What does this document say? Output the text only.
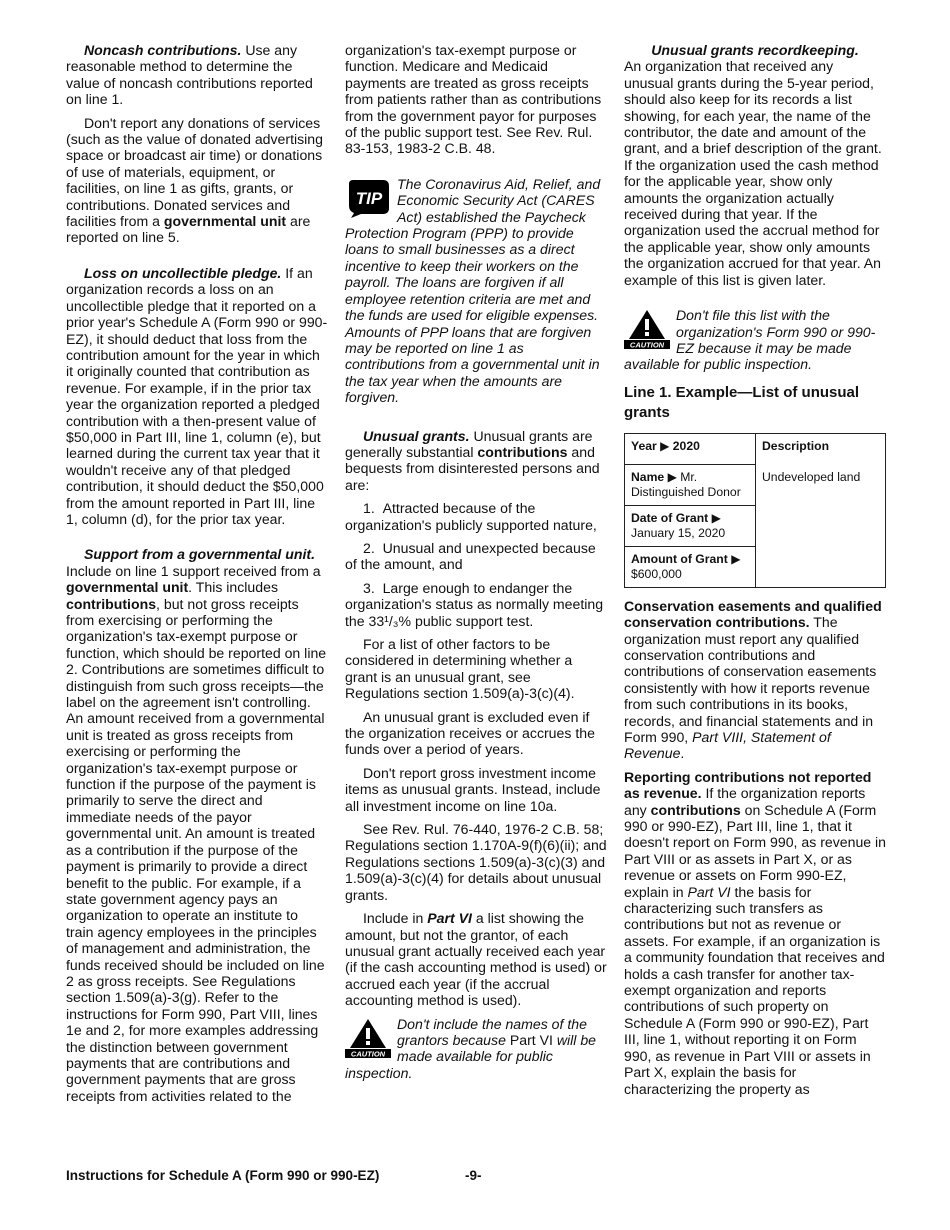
Noncash contributions. Use any reasonable method to determine the value of noncash contributions reported on line 1.

Don't report any donations of services (such as the value of donated advertising space or broadcast air time) or donations of use of materials, equipment, or facilities, on line 1 as gifts, grants, or contributions. Donated services and facilities from a governmental unit are reported on line 5.

Loss on uncollectible pledge. If an organization records a loss on an uncollectible pledge that it reported on a prior year's Schedule A (Form 990 or 990-EZ), it should deduct that loss from the contribution amount for the year in which it originally counted that contribution as revenue. For example, if in the prior tax year the organization reported a pledged contribution with a then-present value of $50,000 in Part III, line 1, column (e), but learned during the current tax year that it wouldn't receive any of that pledged contribution, it should deduct the $50,000 from the amount reported in Part III, line 1, column (d), for the prior tax year.

Support from a governmental unit. Include on line 1 support received from a governmental unit. This includes contributions, but not gross receipts from exercising or performing the organization's tax-exempt purpose or function, which should be reported on line 2. Contributions are sometimes difficult to distinguish from such gross receipts—the label on the agreement isn't controlling. An amount received from a governmental unit is treated as gross receipts from exercising or performing the organization's tax-exempt purpose or function if the purpose of the payment is primarily to serve the direct and immediate needs of the payor governmental unit. An amount is treated as a contribution if the purpose of the payment is primarily to provide a direct benefit to the public. For example, if a state government agency pays an organization to operate an institute to train agency employees in the principles of management and administration, the funds received should be included on line 2 as gross receipts. See Regulations section 1.509(a)-3(g). Refer to the instructions for Form 990, Part VIII, lines 1e and 2, for more examples addressing the distinction between government payments that are contributions and government payments that are gross receipts from activities related to the

organization's tax-exempt purpose or function. Medicare and Medicaid payments are treated as gross receipts from patients rather than as contributions from the government payor for purposes of the public support test. See Rev. Rul. 83-153, 1983-2 C.B. 48.

TIP
The Coronavirus Aid, Relief, and Economic Security Act (CARES Act) established the Paycheck Protection Program (PPP) to provide loans to small businesses as a direct incentive to keep their workers on the payroll. The loans are forgiven if all employee retention criteria are met and the funds are used for eligible expenses. Amounts of PPP loans that are forgiven may be reported on line 1 as contributions from a governmental unit in the tax year when the amounts are forgiven.

Unusual grants. Unusual grants are generally substantial contributions and bequests from disinterested persons and are:

1.  Attracted because of the organization's publicly supported nature,

2.  Unusual and unexpected because of the amount, and

3.  Large enough to endanger the organization's status as normally meeting the 33¹/₃% public support test.

For a list of other factors to be considered in determining whether a grant is an unusual grant, see Regulations section 1.509(a)-3(c)(4).

An unusual grant is excluded even if the organization receives or accrues the funds over a period of years.

Don't report gross investment income items as unusual grants. Instead, include all investment income on line 10a.

See Rev. Rul. 76-440, 1976-2 C.B. 58; Regulations section 1.170A-9(f)(6)(ii); and Regulations sections 1.509(a)-3(c)(3) and 1.509(a)-3(c)(4) for details about unusual grants.

Include in Part VI a list showing the amount, but not the grantor, of each unusual grant actually received each year (if the cash accounting method is used) or accrued each year (if the accrual accounting method is used).

CAUTION
Don't include the names of the grantors because Part VI will be made available for public inspection.

Unusual grants recordkeeping.
An organization that received any unusual grants during the 5-year period, should also keep for its records a list showing, for each year, the name of the contributor, the date and amount of the grant, and a brief description of the grant. If the organization used the cash method for the applicable year, show only amounts the organization actually received during that year. If the organization used the accrual method for the applicable year, show only amounts the organization accrued for that year. An example of this list is given later.

CAUTION
Don't file this list with the organization's Form 990 or 990-EZ because it may be made available for public inspection.
Line 1. Example—List of unusual grants
Year ▶ 2020	Description
Undeveloped land

Name ▶ Mr.
Distinguished Donor
Date of Grant ▶
January 15, 2020
Amount of Grant ▶
$600,000

Conservation easements and qualified conservation contributions. The organization must report any qualified conservation contributions and contributions of conservation easements consistently with how it reports revenue from such contributions in its books, records, and financial statements and in Form 990, Part VIII, Statement of Revenue.

Reporting contributions not reported as revenue. If the organization reports any contributions on Schedule A (Form 990 or 990-EZ), Part III, line 1, that it doesn't report on Form 990, as revenue in Part VIII or as assets in Part X, or as revenue or assets on Form 990-EZ, explain in Part VI the basis for characterizing such transfers as contributions but not as revenue or assets. For example, if an organization is a community foundation that receives and holds a cash transfer for another tax-exempt organization and reports contributions of such property on Schedule A (Form 990 or 990-EZ), Part III, line 1, without reporting it on Form 990, as revenue in Part VIII or assets in Part X, explain the basis for characterizing the property as

Instructions for Schedule A (Form 990 or 990-EZ)	-9-
